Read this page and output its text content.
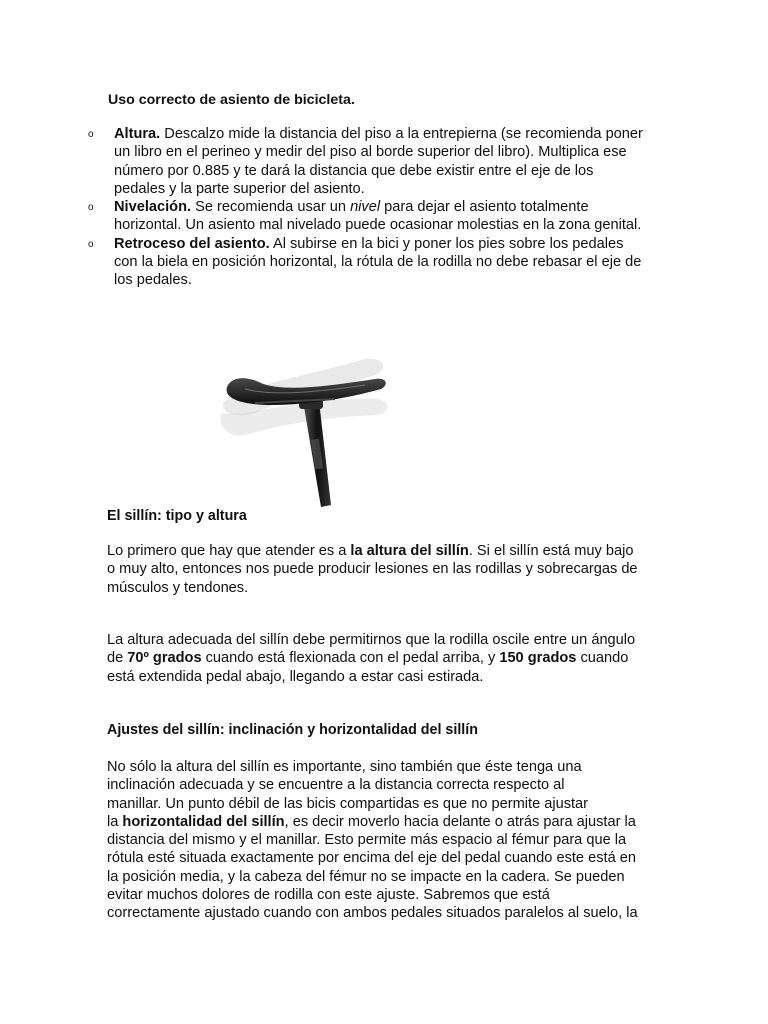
Uso correcto de asiento de bicicleta.
o Altura. Descalzo mide la distancia del piso a la entrepierna (se recomienda poner
un libro en el perineo y medir del piso al borde superior del libro). Multiplica ese
número por 0.885 y te dará la distancia que debe existir entre el eje de los
pedales y la parte superior del asiento.
o Nivelación. Se recomienda usar un nivel para dejar el asiento totalmente
horizontal. Un asiento mal nivelado puede ocasionar molestias en la zona genital.
o Retroceso del asiento. Al subirse en la bici y poner los pies sobre los pedales
con la biela en posición horizontal, la rótula de la rodilla no debe rebasar el eje de
los pedales.
El sillín: tipo y altura
Lo primero que hay que atender es a la altura del sillín. Si el sillín está muy bajo
o muy alto, entonces nos puede producir lesiones en las rodillas y sobrecargas de
músculos y tendones.
La altura adecuada del sillín debe permitirnos que la rodilla oscile entre un ángulo
de 70º grados cuando está flexionada con el pedal arriba, y 150 grados cuando
está extendida pedal abajo, llegando a estar casi estirada.
Ajustes del sillín: inclinación y horizontalidad del sillín
No sólo la altura del sillín es importante, sino también que éste tenga una
inclinación adecuada y se encuentre a la distancia correcta respecto al
manillar. Un punto débil de las bicis compartidas es que no permite ajustar
la horizontalidad del sillín, es decir moverlo hacia delante o atrás para ajustar la
distancia del mismo y el manillar. Esto permite más espacio al fémur para que la
rótula esté situada exactamente por encima del eje del pedal cuando este está en
la posición media, y la cabeza del fémur no se impacte en la cadera. Se pueden
evitar muchos dolores de rodilla con este ajuste. Sabremos que está
correctamente ajustado cuando con ambos pedales situados paralelos al suelo, la
